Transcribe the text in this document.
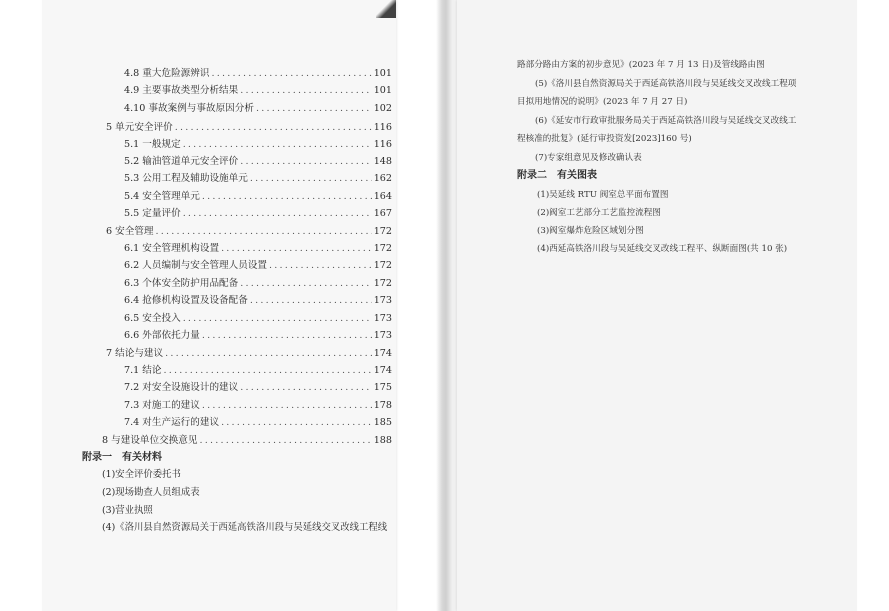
4.8 重大危险源辨识 .....	101
4.9 主要事故类型分析结果 .....	101
4.10 事故案例与事故原因分析 .....	102
5 单元安全评价 .....	116
5.1 一般规定 .....	116
5.2 输油管道单元安全评价 .....	148
5.3 公用工程及辅助设施单元 .....	162
5.4 安全管理单元 .....	164
5.5 定量评价 .....	167
6 安全管理 .....	172
6.1 安全管理机构设置 .....	172
6.2 人员编制与安全管理人员设置 .....	172
6.3 个体安全防护用品配备 .....	172
6.4 抢修机构设置及设备配备 .....	173
6.5 安全投入 .....	173
6.6 外部依托力量 .....	173
7 结论与建议 .....	174
7.1 结论 .....	174
7.2 对安全设施设计的建议 .....	175
7.3 对施工的建议 .....	178
7.4 对生产运行的建议 .....	185
8 与建设单位交换意见 .....	188
附录一　有关材料
(1)安全评价委托书
(2)现场勘查人员组成表
(3)营业执照
(4)《洛川县自然资源局关于西延高铁洛川段与吴延线交叉改线工程线
路部分路由方案的初步意见》(2023 年 7 月 13 日)及管线路由图
(5)《洛川县自然资源局关于西延高铁洛川段与吴延线交叉改线工程项
目拟用地情况的说明》(2023 年 7 月 27 日)
(6)《延安市行政审批服务局关于西延高铁洛川段与吴延线交叉改线工
程核准的批复》(延行审投资发[2023]160 号)
(7)专家组意见及修改确认表
附录二　有关图表
(1)吴延线 RTU 阀室总平面布置图
(2)阀室工艺部分工艺监控流程图
(3)阀室爆炸危险区域划分图
(4)西延高铁洛川段与吴延线交叉改线工程平、纵断面图(共 10 张)
